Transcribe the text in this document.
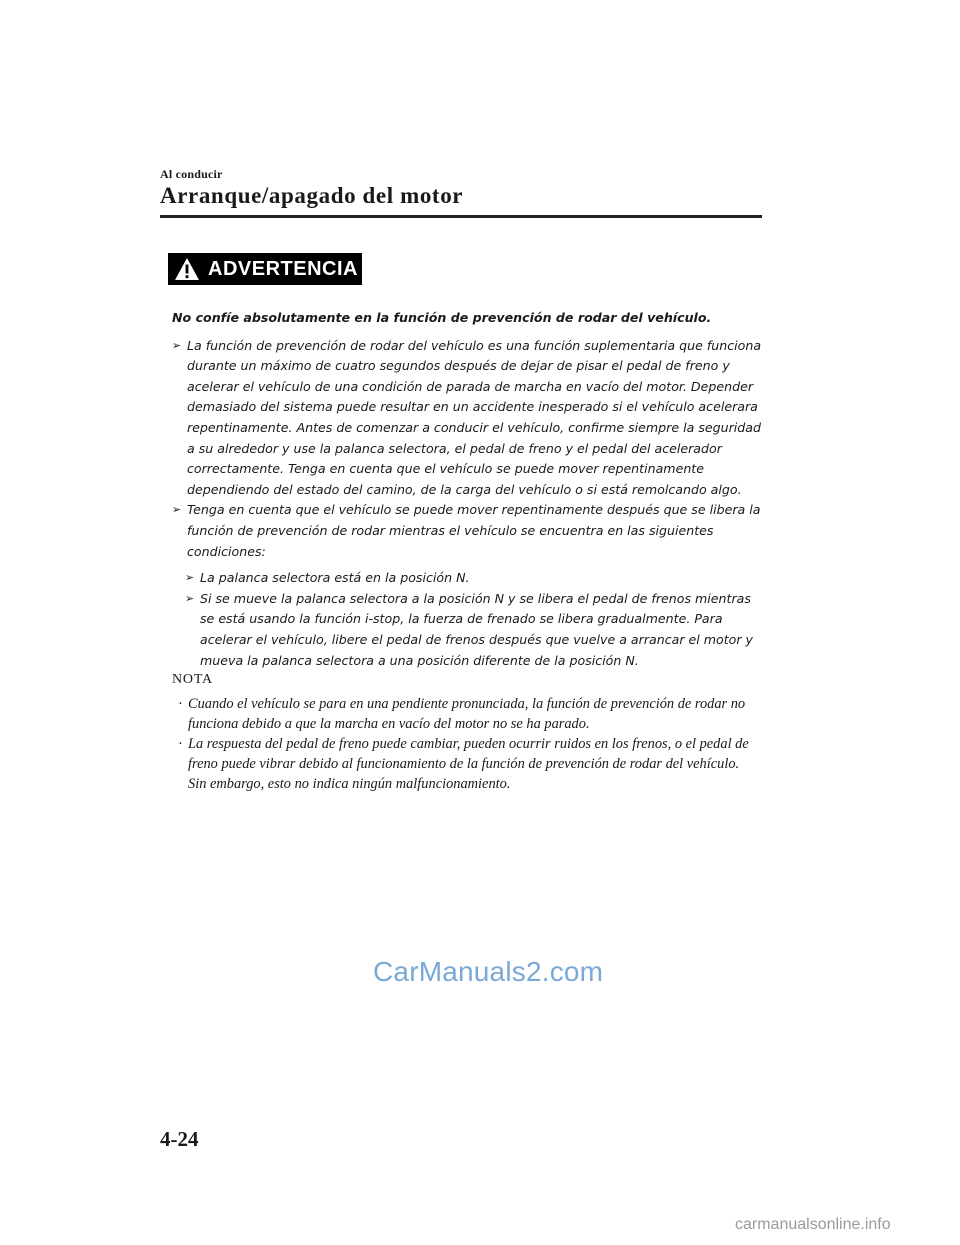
Al conducir
Arranque/apagado del motor
ADVERTENCIA
No confíe absolutamente en la función de prevención de rodar del vehículo.
➢ La función de prevención de rodar del vehículo es una función suplementaria que funciona durante un máximo de cuatro segundos después de dejar de pisar el pedal de freno y acelerar el vehículo de una condición de parada de marcha en vacío del motor. Depender demasiado del sistema puede resultar en un accidente inesperado si el vehículo acelerara repentinamente. Antes de comenzar a conducir el vehículo, confirme siempre la seguridad a su alrededor y use la palanca selectora, el pedal de freno y el pedal del acelerador correctamente. Tenga en cuenta que el vehículo se puede mover repentinamente dependiendo del estado del camino, de la carga del vehículo o si está remolcando algo.
➢ Tenga en cuenta que el vehículo se puede mover repentinamente después que se libera la función de prevención de rodar mientras el vehículo se encuentra en las siguientes condiciones:
➢ La palanca selectora está en la posición N.
➢ Si se mueve la palanca selectora a la posición N y se libera el pedal de frenos mientras se está usando la función i-stop, la fuerza de frenado se libera gradualmente. Para acelerar el vehículo, libere el pedal de frenos después que vuelve a arrancar el motor y mueva la palanca selectora a una posición diferente de la posición N.
NOTA
· Cuando el vehículo se para en una pendiente pronunciada, la función de prevención de rodar no funciona debido a que la marcha en vacío del motor no se ha parado.
· La respuesta del pedal de freno puede cambiar, pueden ocurrir ruidos en los frenos, o el pedal de freno puede vibrar debido al funcionamiento de la función de prevención de rodar del vehículo. Sin embargo, esto no indica ningún malfuncionamiento.
CarManuals2.com
4-24
carmanualsonline.info
